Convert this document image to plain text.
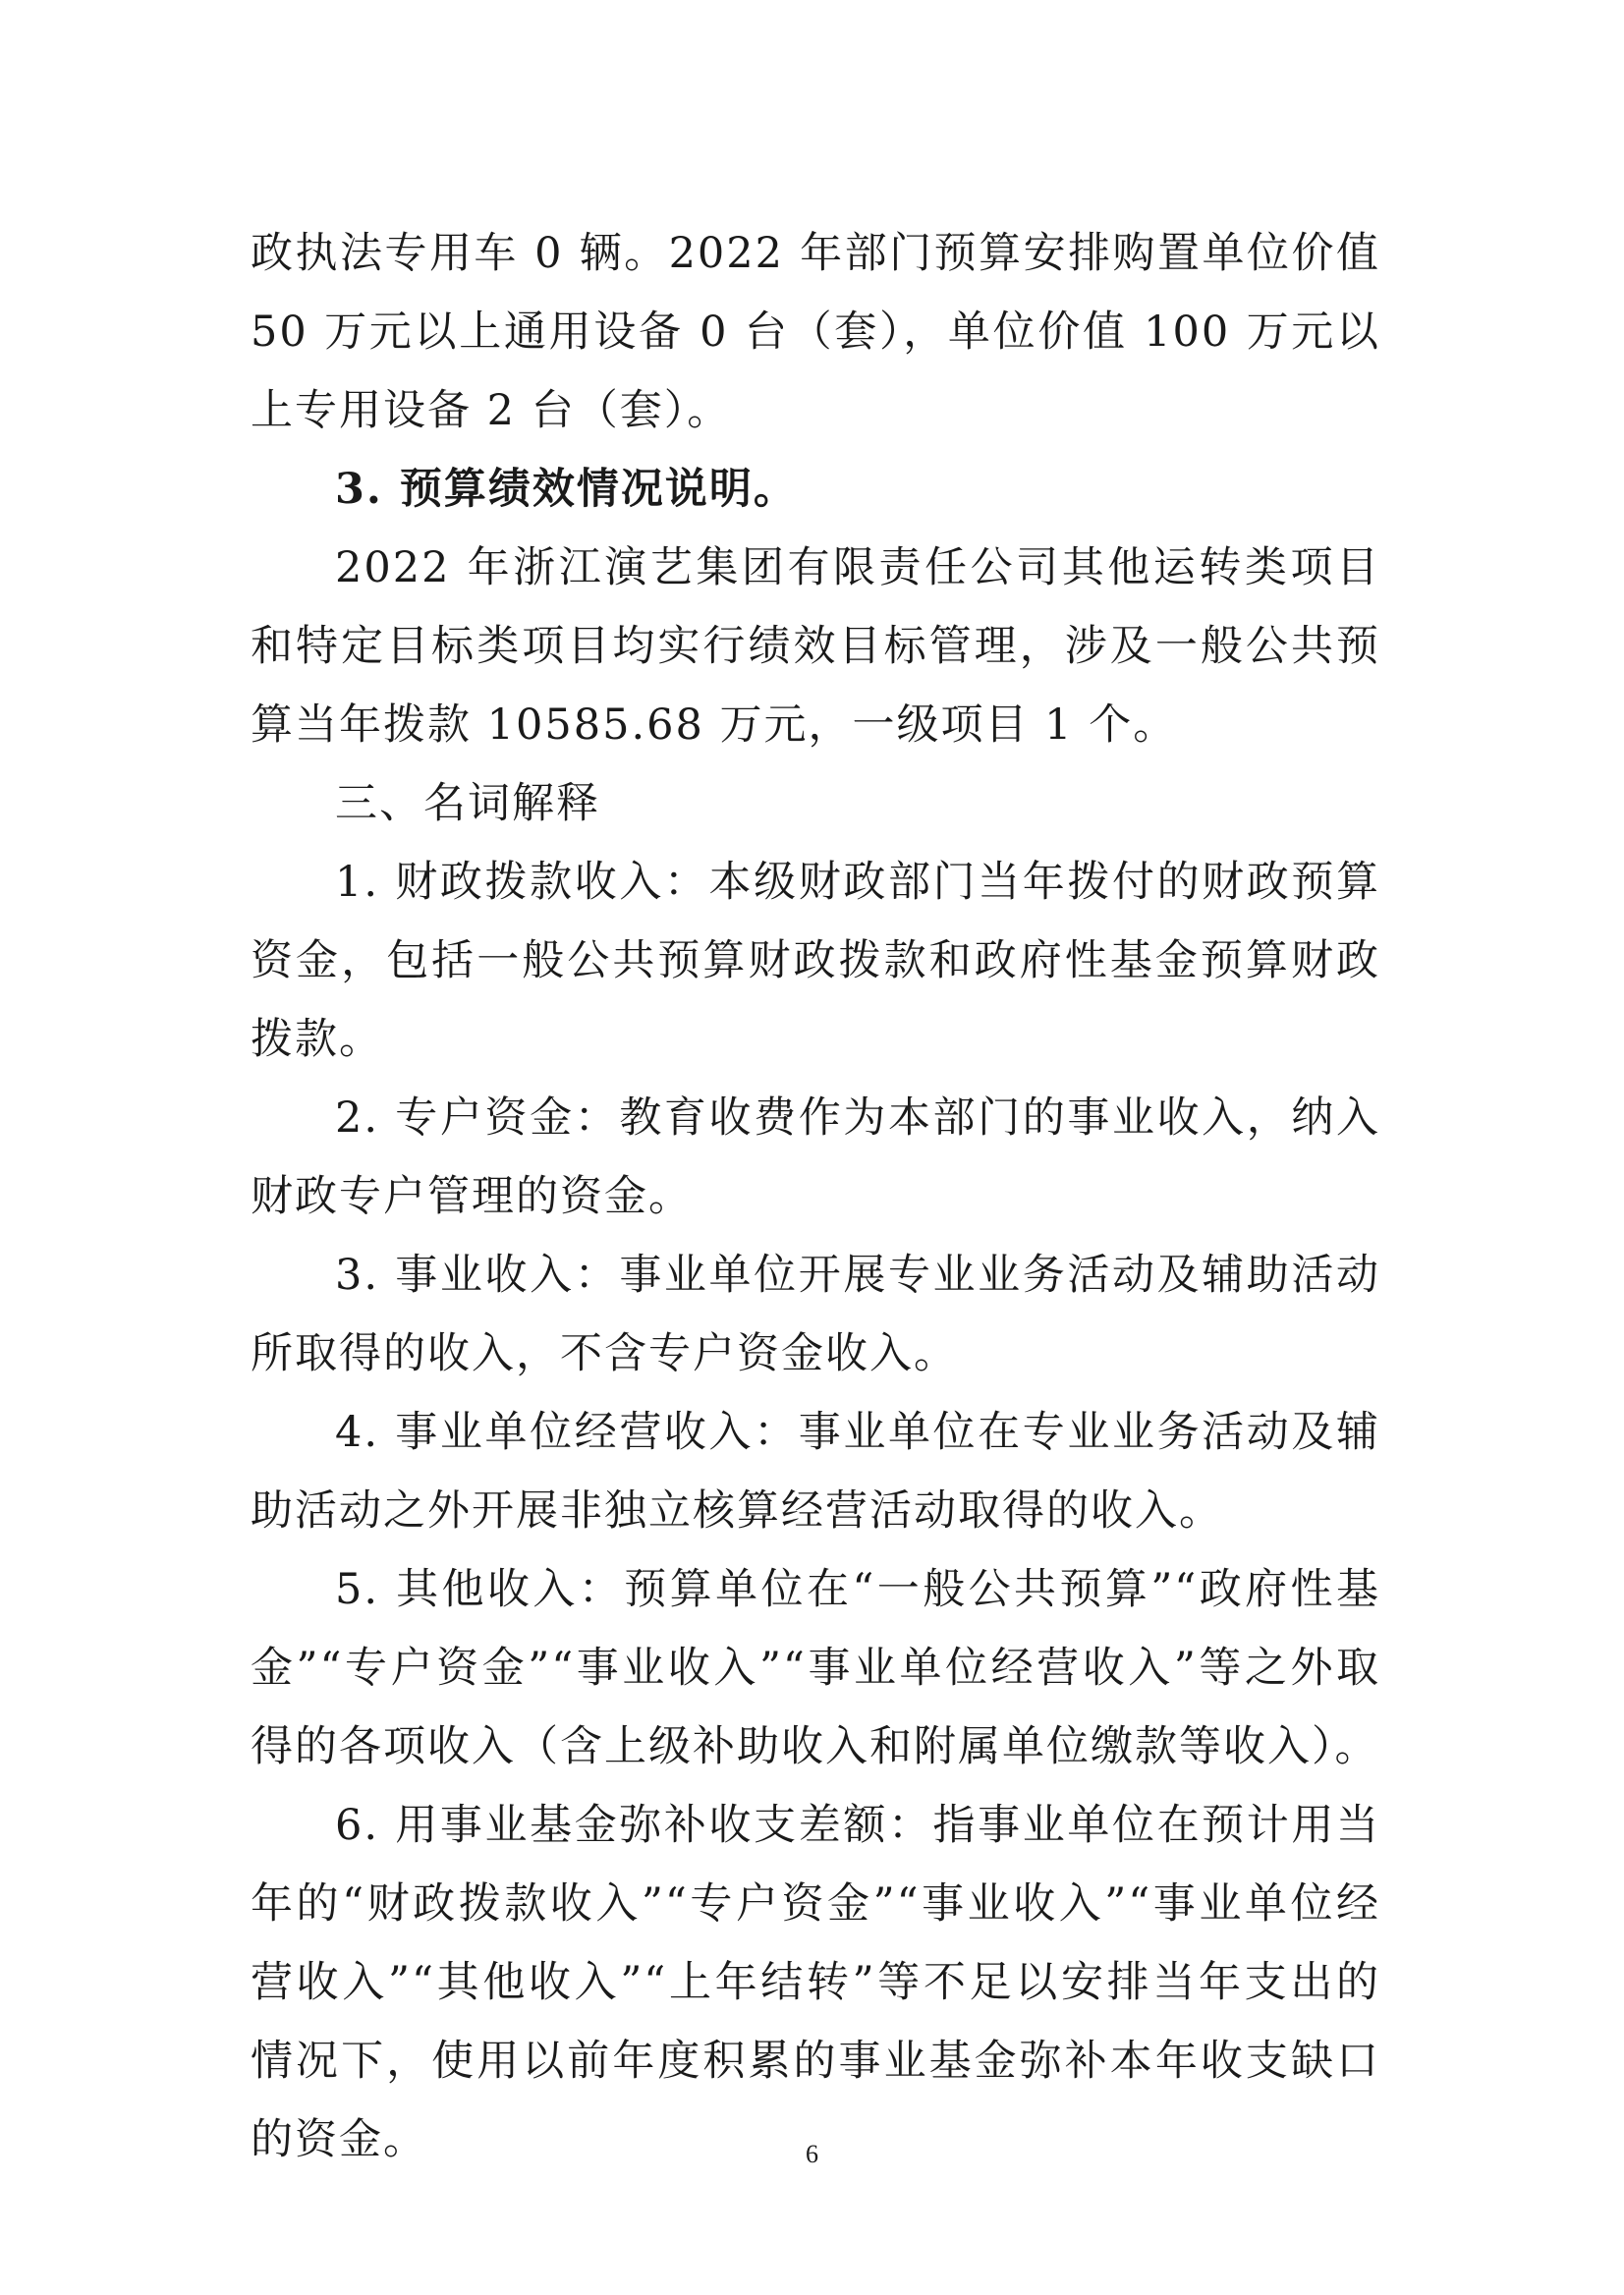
政执法专用车 0 辆。2022 年部门预算安排购置单位价值 50 万元以上通用设备 0 台（套），单位价值 100 万元以上专用设备 2 台（套）。

3. 预算绩效情况说明。

2022 年浙江演艺集团有限责任公司其他运转类项目和特定目标类项目均实行绩效目标管理，涉及一般公共预算当年拨款 10585.68 万元，一级项目 1 个。

三、名词解释

1. 财政拨款收入：本级财政部门当年拨付的财政预算资金，包括一般公共预算财政拨款和政府性基金预算财政拨款。

2. 专户资金：教育收费作为本部门的事业收入，纳入财政专户管理的资金。

3. 事业收入：事业单位开展专业业务活动及辅助活动所取得的收入，不含专户资金收入。

4. 事业单位经营收入：事业单位在专业业务活动及辅助活动之外开展非独立核算经营活动取得的收入。

5. 其他收入：预算单位在“一般公共预算”“政府性基金”“专户资金”“事业收入”“事业单位经营收入”等之外取得的各项收入（含上级补助收入和附属单位缴款等收入）。

6. 用事业基金弥补收支差额：指事业单位在预计用当年的“财政拨款收入”“专户资金”“事业收入”“事业单位经营收入”“其他收入”“上年结转”等不足以安排当年支出的情况下，使用以前年度积累的事业基金弥补本年收支缺口的资金。	6
